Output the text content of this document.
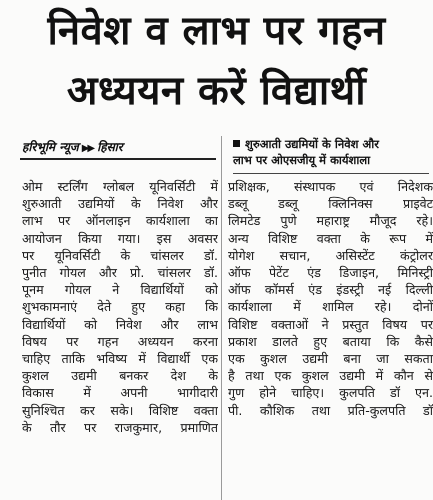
निवेश व लाभ पर गहन
अध्ययन करें विद्यार्थी
हरिभूमि न्यूज ▶▶ हिसार	शुरुआती उद्यमियों के निवेश और
लाभ पर ओएसजीयू में कार्यशाला
ओम स्टर्लिंग ग्लोबल यूनिवर्सिटी में
शुरुआती उद्यमियों के निवेश और
लाभ पर ऑनलाइन कार्यशाला का
आयोजन किया गया। इस अवसर
पर यूनिवर्सिटी के चांसलर डॉ.
पुनीत गोयल और प्रो. चांसलर डॉ.
पूनम गोयल ने विद्यार्थियों को
शुभकामनाएं देते हुए कहा कि
विद्यार्थियों को निवेश और लाभ
विषय पर गहन अध्ययन करना
चाहिए ताकि भविष्य में विद्यार्थी एक
कुशल उद्यमी बनकर देश के
विकास में अपनी भागीदारी
सुनिश्चित कर सके। विशिष्ट वक्ता
के तौर पर राजकुमार, प्रमाणित
प्रशिक्षक, संस्थापक एवं निदेशक
डब्लू डब्लू क्लिनिक्स प्राइवेट
लिमटेड पुणे महाराष्ट्र मौजूद रहे।
अन्य विशिष्ट वक्ता के रूप में
योगेश सचान, असिस्टेंट कंट्रोलर
ऑफ पेटेंट एंड डिजाइन, मिनिस्ट्री
ऑफ कॉमर्स एंड इंडस्ट्री नई दिल्ली
कार्यशाला में शामिल रहे। दोनों
विशिष्ट वक्ताओं ने प्रस्तुत विषय पर
प्रकाश डालते हुए बताया कि कैसे
एक कुशल उद्यमी बना जा सकता
है तथा एक कुशल उद्यमी में कौन से
गुण होने चाहिए। कुलपति डॉ एन.
पी. कौशिक तथा प्रति-कुलपति डॉ
